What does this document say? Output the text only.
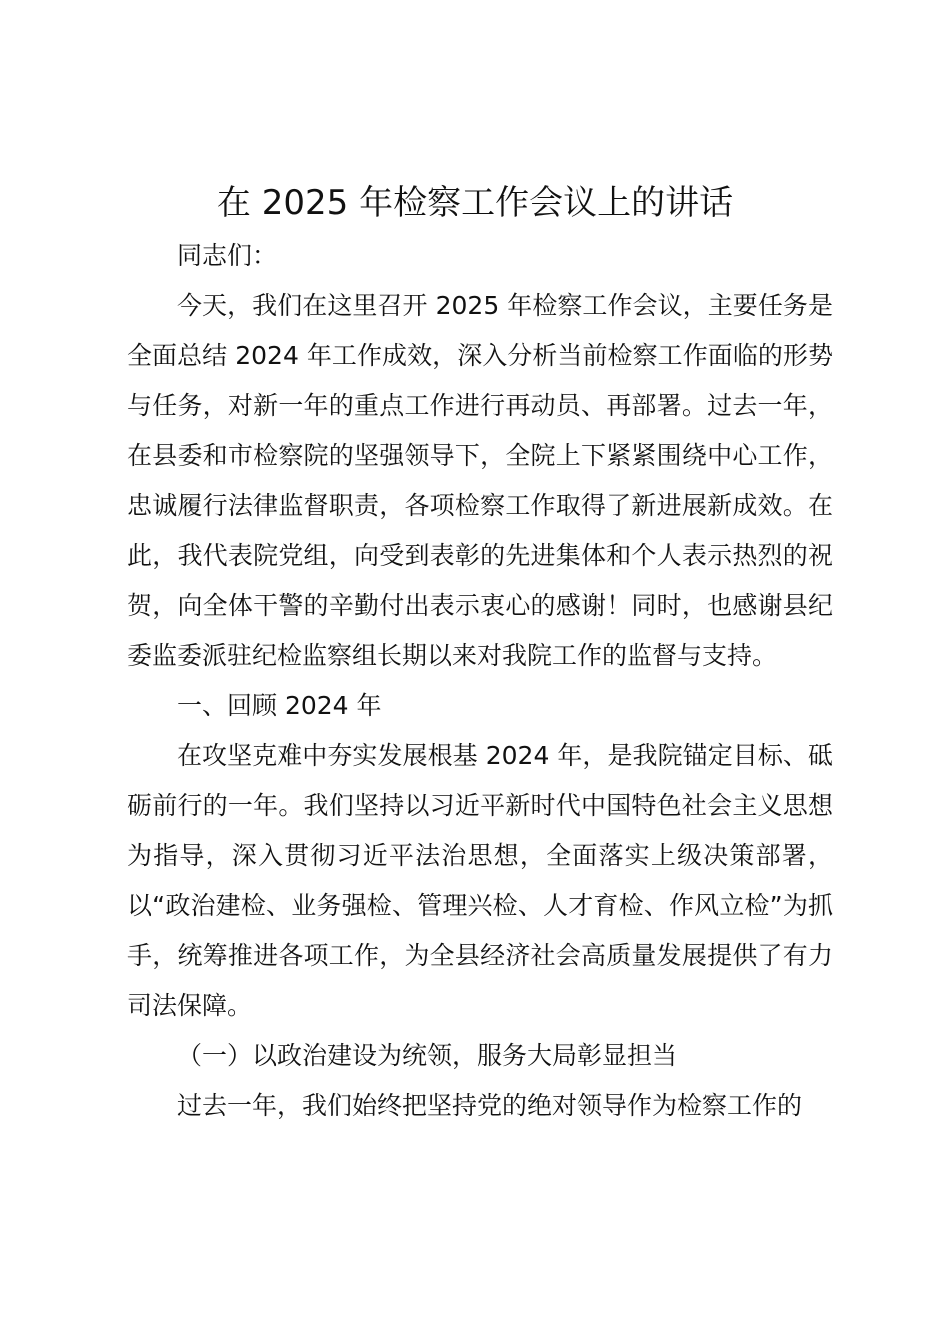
在 2025 年检察工作会议上的讲话

同志们：

今天，我们在这里召开 2025 年检察工作会议，主要任务是全面总结 2024 年工作成效，深入分析当前检察工作面临的形势与任务，对新一年的重点工作进行再动员、再部署。过去一年，在县委和市检察院的坚强领导下，全院上下紧紧围绕中心工作，忠诚履行法律监督职责，各项检察工作取得了新进展新成效。在此，我代表院党组，向受到表彰的先进集体和个人表示热烈的祝贺，向全体干警的辛勤付出表示衷心的感谢！同时，也感谢县纪委监委派驻纪检监察组长期以来对我院工作的监督与支持。

一、回顾 2024 年

在攻坚克难中夯实发展根基 2024 年，是我院锚定目标、砥砺前行的一年。我们坚持以习近平新时代中国特色社会主义思想为指导，深入贯彻习近平法治思想，全面落实上级决策部署，以“政治建检、业务强检、管理兴检、人才育检、作风立检”为抓手，统筹推进各项工作，为全县经济社会高质量发展提供了有力司法保障。

（一）以政治建设为统领，服务大局彰显担当

过去一年，我们始终把坚持党的绝对领导作为检察工作的
